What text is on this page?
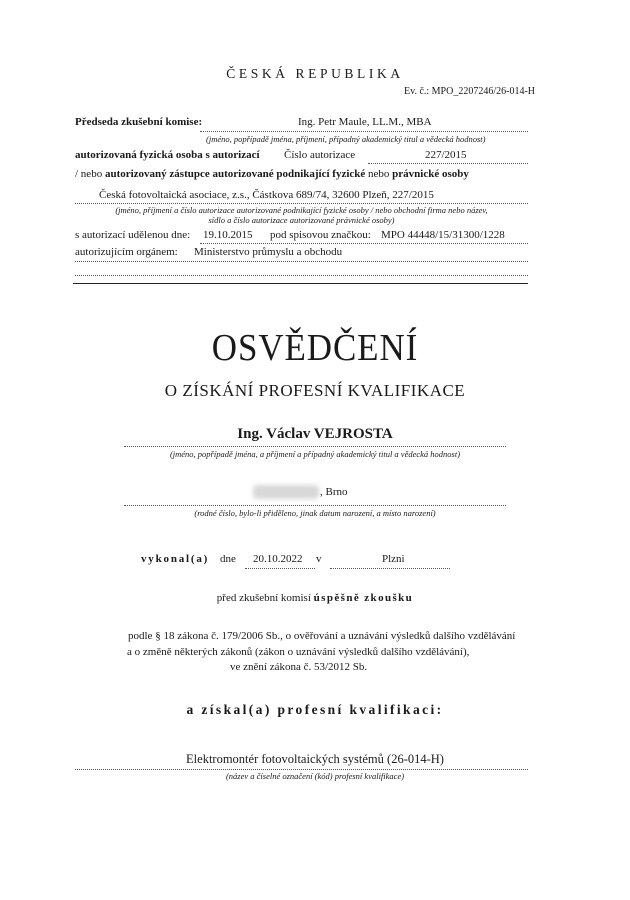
ČESKÁ REPUBLIKA
Ev. č.: MPO_2207246/26-014-H
Předseda zkušební komise:	Ing. Petr Maule, LL.M., MBA
(jméno, popřípadě jména, příjmení, případný akademický titul a vědecká hodnost)
autorizovaná fyzická osoba s autorizací Číslo autorizace	227/2015
/ nebo autorizovaný zástupce autorizované podnikající fyzické nebo právnické osoby
Česká fotovoltaická asociace, z.s., Částkova 689/74, 32600 Plzeň, 227/2015
(jméno, příjmení a číslo autorizace autorizované podnikající fyzické osoby / nebo obchodní firma nebo název,
sídlo a číslo autorizace autorizované právnické osoby)
s autorizací udělenou dne: 19.10.2015 pod spisovou značkou: MPO 44448/15/31300/1228
autorizujícím orgánem: Ministerstvo průmyslu a obchodu
OSVĚDČENÍ
O ZÍSKÁNÍ PROFESNÍ KVALIFIKACE
Ing. Václav VEJROSTA
(jméno, popřípadě jména, a příjmení a případný akademický titul a vědecká hodnost)
, Brno
(rodné číslo, bylo-li přiděleno, jinak datum narození, a místo narození)
vykonal(a) dne 20.10.2022 v	Plzni
před zkušební komisí úspěšně zkoušku
podle § 18 zákona č. 179/2006 Sb., o ověřování a uznávání výsledků dalšího vzdělávání
a o změně některých zákonů (zákon o uznávání výsledků dalšího vzdělávání),
ve znění zákona č. 53/2012 Sb.
a získal(a) profesní kvalifikaci:
Elektromontér fotovoltaických systémů (26-014-H)
(název a číselné označení (kód) profesní kvalifikace)
